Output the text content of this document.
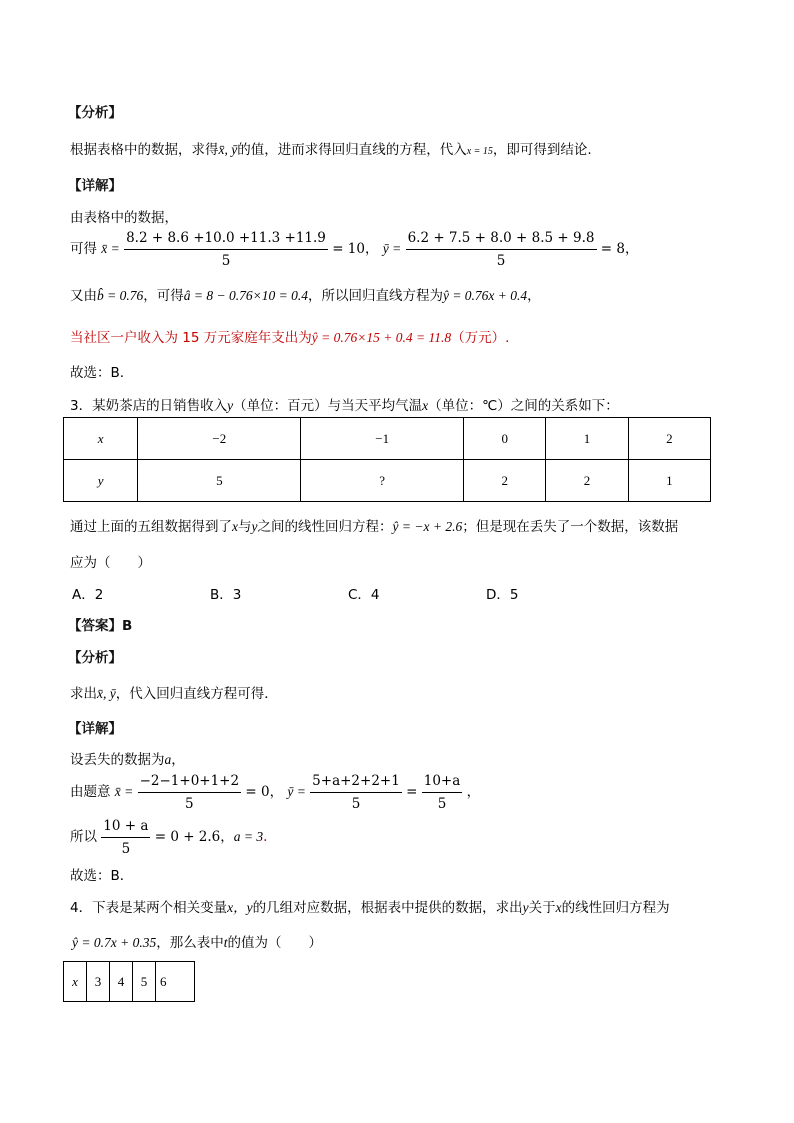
【分析】
根据表格中的数据，求得x̄, ȳ的值，进而求得回归直线的方程，代入x = 15，即可得到结论.
【详解】
由表格中的数据，
可得 x̄ = $\frac{8.2 + 8.6 +10.0 +11.3 +11.9}{5} = 10$， ȳ = $\frac{6.2 + 7.5 + 8.0 + 8.5 + 9.8}{5} = 8$，
又由b̂ = 0.76，可得â = 8 − 0.76×10 = 0.4，所以回归直线方程为ŷ = 0.76x + 0.4，
当社区一户收入为 15 万元家庭年支出为ŷ = 0.76×15 + 0.4 = 11.8（万元）.
故选：B.
3．某奶茶店的日销售收入y（单位：百元）与当天平均气温x（单位：℃）之间的关系如下：
x	−2	−1	0	1	2
y	5	?	2	2	1
通过上面的五组数据得到了x与y之间的线性回归方程：ŷ = −x + 2.6；但是现在丢失了一个数据，该数据
应为（　　）
A．2	B．3	C．4	D．5
【答案】B
【分析】
求出x̄, ȳ，代入回归直线方程可得．
【详解】
设丢失的数据为a，
由题意 x̄ = $\frac{-2-1+0+1+2}{5} = 0$， ȳ = $\frac{5+a+2+2+1}{5} = \frac{10+a}{5}$ ，
所以 $\frac{10 + a}{5} = 0 + 2.6$，a = 3.
故选：B．
4．下表是某两个相关变量x，y的几组对应数据，根据表中提供的数据，求出y关于x的线性回归方程为
ŷ = 0.7x + 0.35，那么表中t的值为（　　）
x	3	4	5	6
